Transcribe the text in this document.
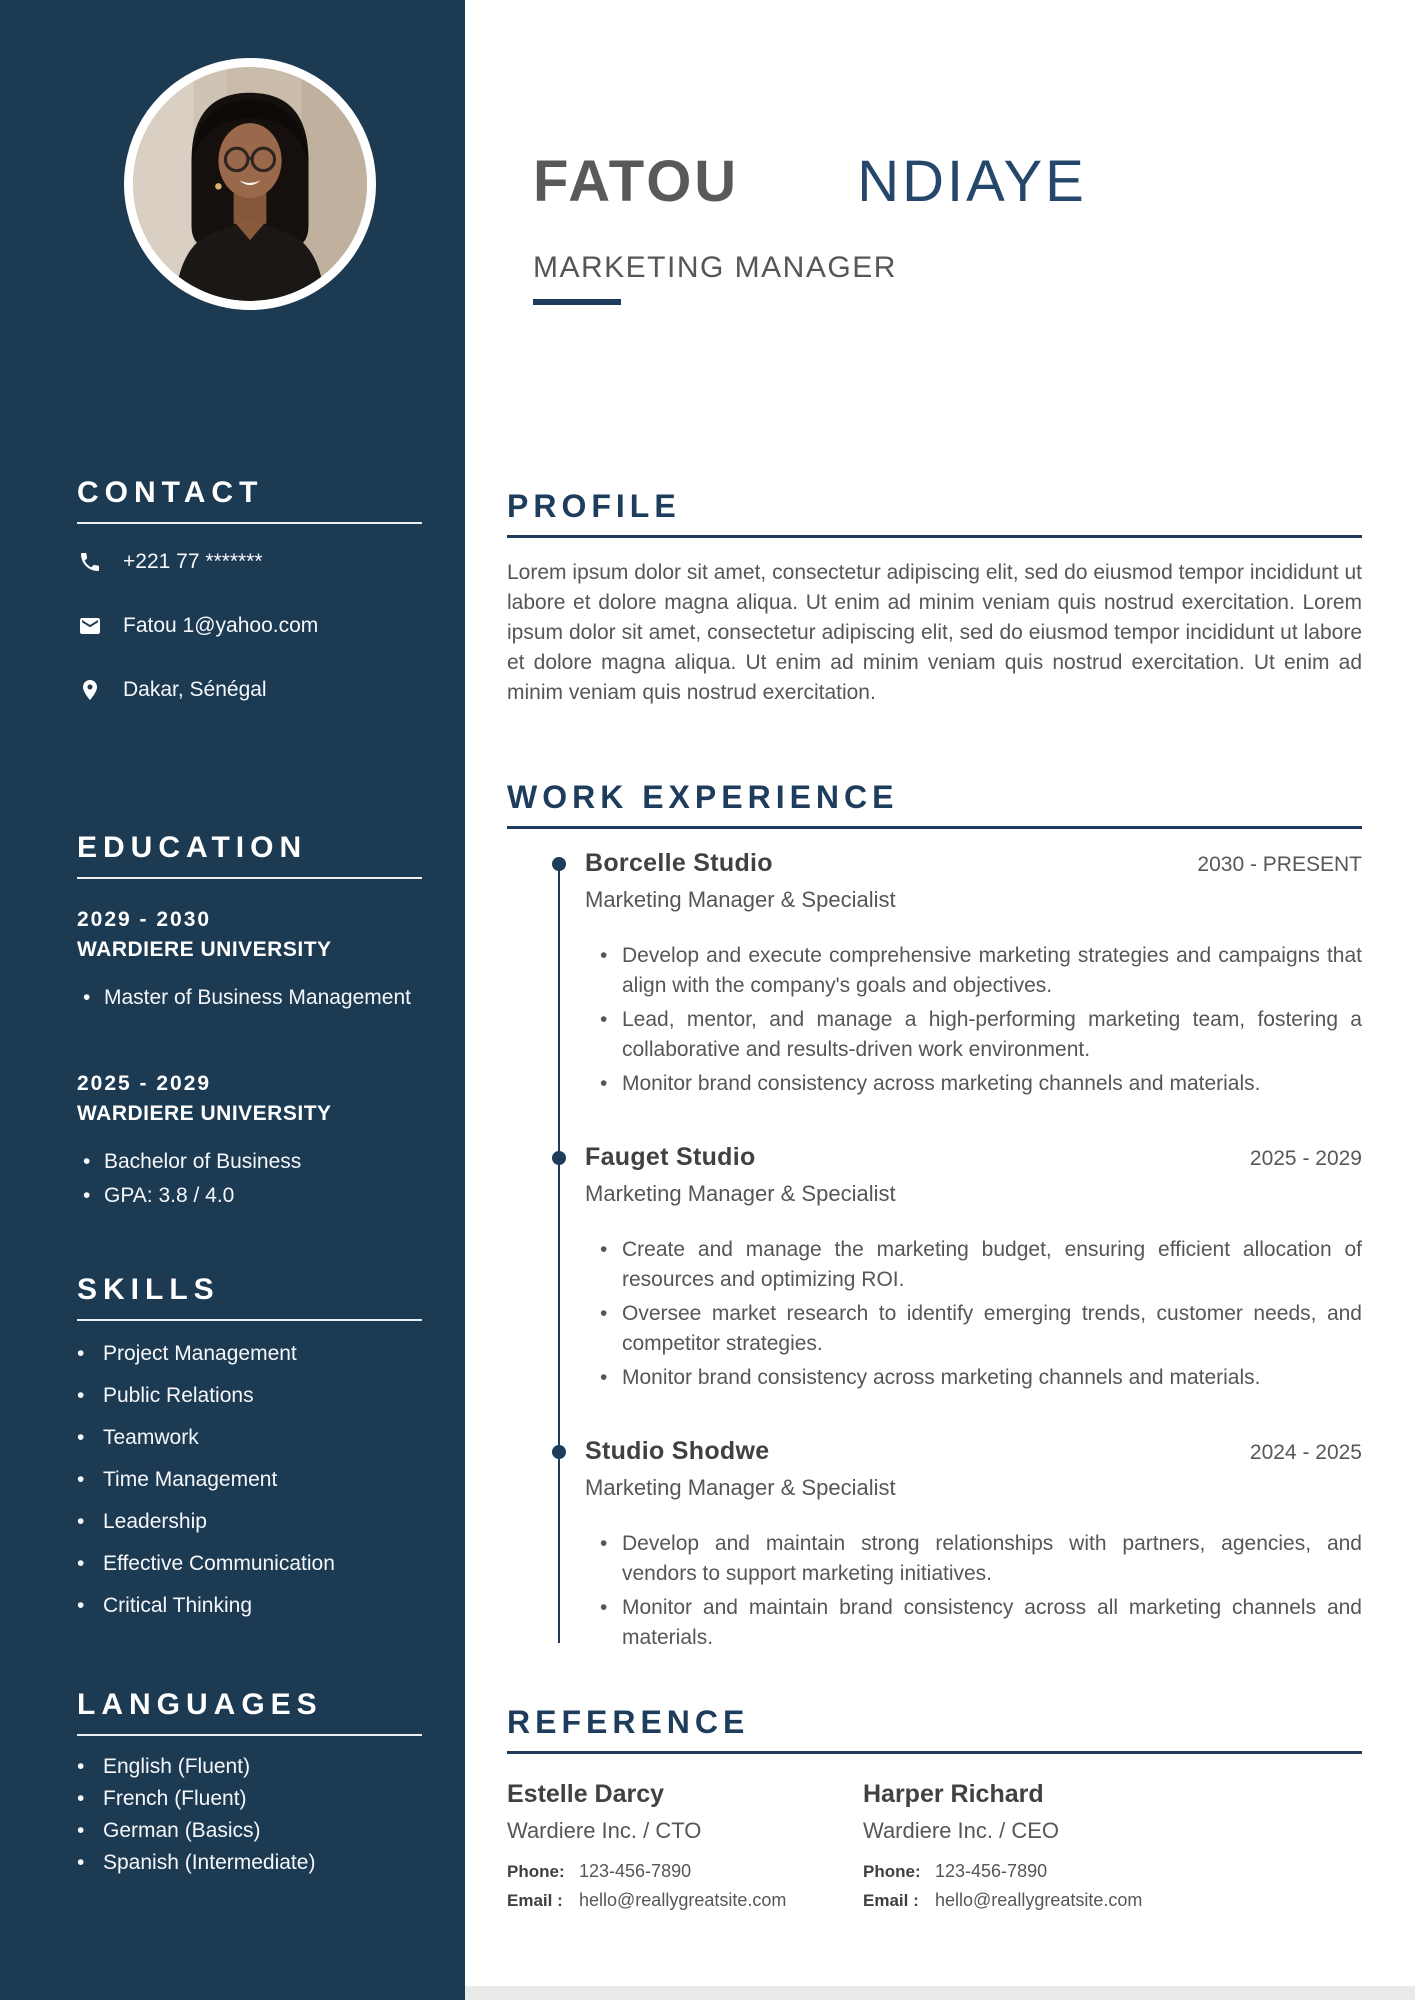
CONTACT
+221 77 *******
Fatou 1@yahoo.com
Dakar, Sénégal
EDUCATION
2029 - 2030
WARDIERE UNIVERSITY
• Master of Business Management
2025 - 2029
WARDIERE UNIVERSITY
• Bachelor of Business
• GPA: 3.8 / 4.0
SKILLS
• Project Management
• Public Relations
• Teamwork
• Time Management
• Leadership
• Effective Communication
• Critical Thinking
LANGUAGES
• English (Fluent)
• French (Fluent)
• German (Basics)
• Spanish (Intermediate)
FATOU NDIAYE
MARKETING MANAGER
PROFILE

Lorem ipsum dolor sit amet, consectetur adipiscing elit, sed do eiusmod tempor incididunt ut labore et dolore magna aliqua. Ut enim ad minim veniam quis nostrud exercitation. Lorem ipsum dolor sit amet, consectetur adipiscing elit, sed do eiusmod tempor incididunt ut labore et dolore magna aliqua. Ut enim ad minim veniam quis nostrud exercitation. Ut enim ad minim veniam quis nostrud exercitation.

WORK EXPERIENCE
Borcelle Studio	2030 - PRESENT
Marketing Manager & Specialist
• Develop and execute comprehensive marketing strategies and campaigns that align with the company's goals and objectives.
• Lead, mentor, and manage a high-performing marketing team, fostering a collaborative and results-driven work environment.
• Monitor brand consistency across marketing channels and materials.
Fauget Studio	2025 - 2029
Marketing Manager & Specialist
• Create and manage the marketing budget, ensuring efficient allocation of resources and optimizing ROI.
• Oversee market research to identify emerging trends, customer needs, and competitor strategies.
• Monitor brand consistency across marketing channels and materials.
Studio Shodwe	2024 - 2025
Marketing Manager & Specialist
• Develop and maintain strong relationships with partners, agencies, and vendors to support marketing initiatives.
• Monitor and maintain brand consistency across all marketing channels and materials.
REFERENCE
Estelle Darcy
Wardiere Inc. / CTO
Phone: 123-456-7890
Email : hello@reallygreatsite.com
Harper Richard
Wardiere Inc. / CEO
Phone: 123-456-7890
Email : hello@reallygreatsite.com
